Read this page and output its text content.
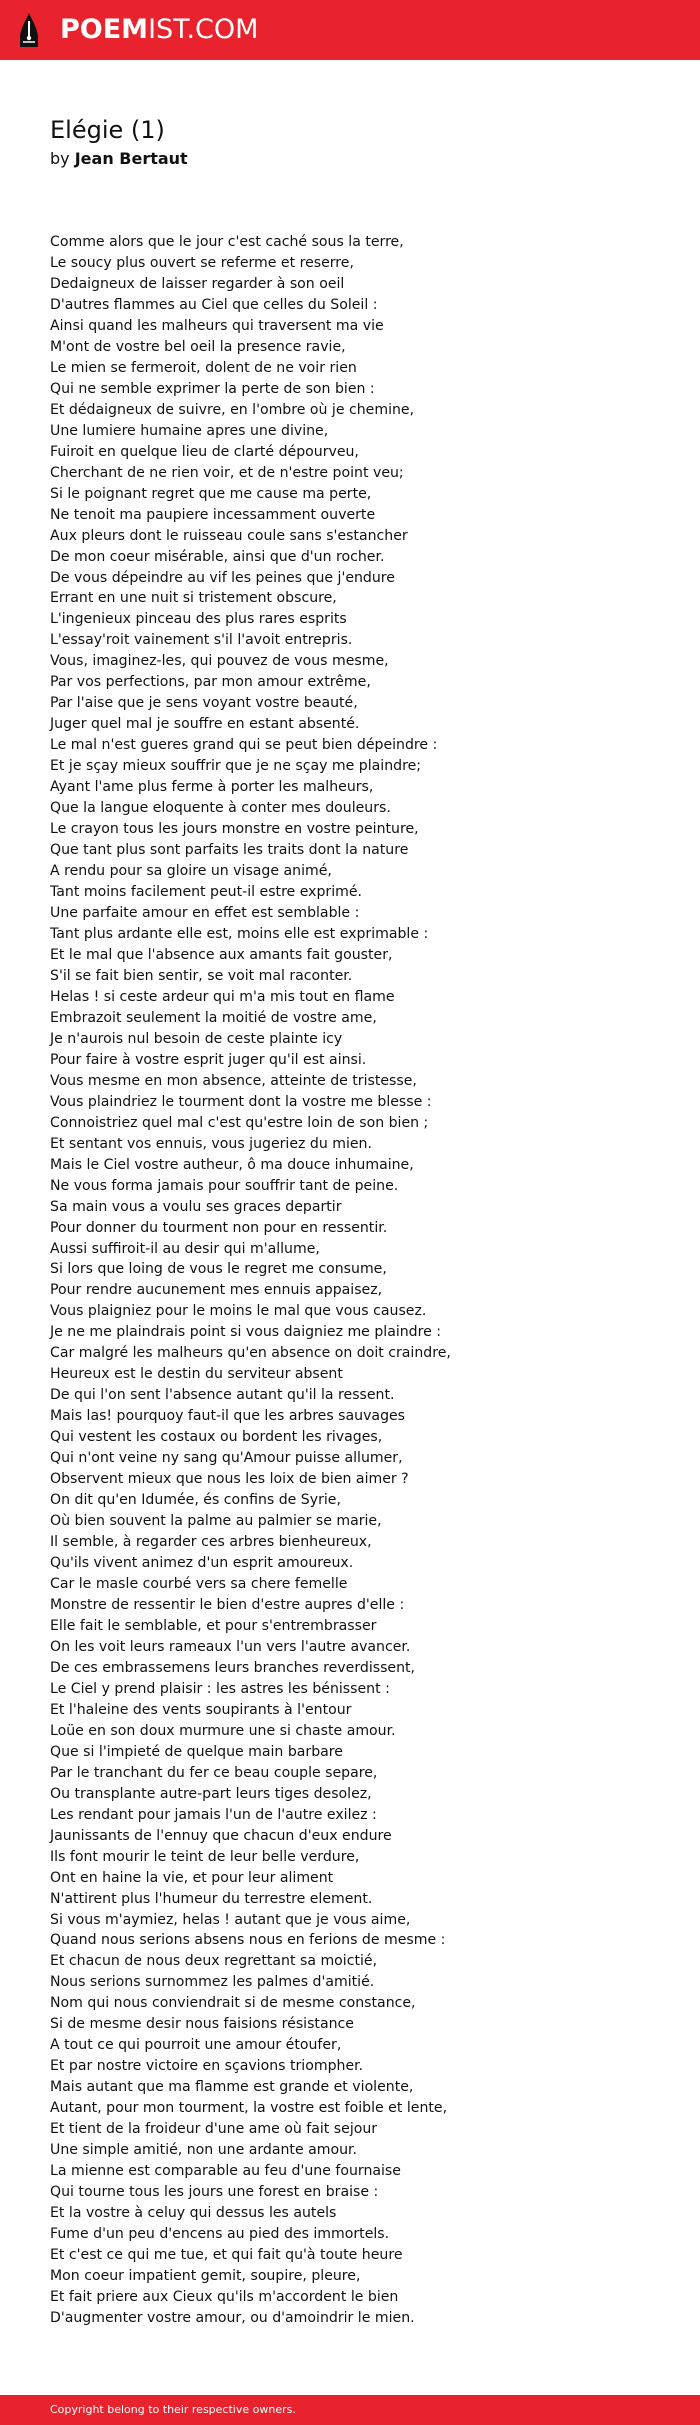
POEMIST.COM
Elégie (1)
by Jean Bertaut
Comme alors que le jour c'est caché sous la terre,
Le soucy plus ouvert se referme et reserre,
Dedaigneux de laisser regarder à son oeil
D'autres flammes au Ciel que celles du Soleil :
Ainsi quand les malheurs qui traversent ma vie
M'ont de vostre bel oeil la presence ravie,
Le mien se fermeroit, dolent de ne voir rien
Qui ne semble exprimer la perte de son bien :
Et dédaigneux de suivre, en l'ombre où je chemine,
Une lumiere humaine apres une divine,
Fuiroit en quelque lieu de clarté dépourveu,
Cherchant de ne rien voir, et de n'estre point veu;
Si le poignant regret que me cause ma perte,
Ne tenoit ma paupiere incessamment ouverte
Aux pleurs dont le ruisseau coule sans s'estancher
De mon coeur misérable, ainsi que d'un rocher.
De vous dépeindre au vif les peines que j'endure
Errant en une nuit si tristement obscure,
L'ingenieux pinceau des plus rares esprits
L'essay'roit vainement s'il l'avoit entrepris.
Vous, imaginez-les, qui pouvez de vous mesme,
Par vos perfections, par mon amour extrême,
Par l'aise que je sens voyant vostre beauté,
Juger quel mal je souffre en estant absenté.
Le mal n'est gueres grand qui se peut bien dépeindre :
Et je sçay mieux souffrir que je ne sçay me plaindre;
Ayant l'ame plus ferme à porter les malheurs,
Que la langue eloquente à conter mes douleurs.
Le crayon tous les jours monstre en vostre peinture,
Que tant plus sont parfaits les traits dont la nature
A rendu pour sa gloire un visage animé,
Tant moins facilement peut-il estre exprimé.
Une parfaite amour en effet est semblable :
Tant plus ardante elle est, moins elle est exprimable :
Et le mal que l'absence aux amants fait gouster,
S'il se fait bien sentir, se voit mal raconter.
Helas ! si ceste ardeur qui m'a mis tout en flame
Embrazoit seulement la moitié de vostre ame,
Je n'aurois nul besoin de ceste plainte icy
Pour faire à vostre esprit juger qu'il est ainsi.
Vous mesme en mon absence, atteinte de tristesse,
Vous plaindriez le tourment dont la vostre me blesse :
Connoistriez quel mal c'est qu'estre loin de son bien ;
Et sentant vos ennuis, vous jugeriez du mien.
Mais le Ciel vostre autheur, ô ma douce inhumaine,
Ne vous forma jamais pour souffrir tant de peine.
Sa main vous a voulu ses graces departir
Pour donner du tourment non pour en ressentir.
Aussi suffiroit-il au desir qui m'allume,
Si lors que loing de vous le regret me consume,
Pour rendre aucunement mes ennuis appaisez,
Vous plaigniez pour le moins le mal que vous causez.
Je ne me plaindrais point si vous daigniez me plaindre :
Car malgré les malheurs qu'en absence on doit craindre,
Heureux est le destin du serviteur absent
De qui l'on sent l'absence autant qu'il la ressent.
Mais las! pourquoy faut-il que les arbres sauvages
Qui vestent les costaux ou bordent les rivages,
Qui n'ont veine ny sang qu'Amour puisse allumer,
Observent mieux que nous les loix de bien aimer ?
On dit qu'en Idumée, és confins de Syrie,
Où bien souvent la palme au palmier se marie,
Il semble, à regarder ces arbres bienheureux,
Qu'ils vivent animez d'un esprit amoureux.
Car le masle courbé vers sa chere femelle
Monstre de ressentir le bien d'estre aupres d'elle :
Elle fait le semblable, et pour s'entrembrasser
On les voit leurs rameaux l'un vers l'autre avancer.
De ces embrassemens leurs branches reverdissent,
Le Ciel y prend plaisir : les astres les bénissent :
Et l'haleine des vents soupirants à l'entour
Loüe en son doux murmure une si chaste amour.
Que si l'impieté de quelque main barbare
Par le tranchant du fer ce beau couple separe,
Ou transplante autre-part leurs tiges desolez,
Les rendant pour jamais l'un de l'autre exilez :
Jaunissants de l'ennuy que chacun d'eux endure
Ils font mourir le teint de leur belle verdure,
Ont en haine la vie, et pour leur aliment
N'attirent plus l'humeur du terrestre element.
Si vous m'aymiez, helas ! autant que je vous aime,
Quand nous serions absens nous en ferions de mesme :
Et chacun de nous deux regrettant sa moictié,
Nous serions surnommez les palmes d'amitié.
Nom qui nous conviendrait si de mesme constance,
Si de mesme desir nous faisions résistance
A tout ce qui pourroit une amour étoufer,
Et par nostre victoire en sçavions triompher.
Mais autant que ma flamme est grande et violente,
Autant, pour mon tourment, la vostre est foible et lente,
Et tient de la froideur d'une ame où fait sejour
Une simple amitié, non une ardante amour.
La mienne est comparable au feu d'une fournaise
Qui tourne tous les jours une forest en braise :
Et la vostre à celuy qui dessus les autels
Fume d'un peu d'encens au pied des immortels.
Et c'est ce qui me tue, et qui fait qu'à toute heure
Mon coeur impatient gemit, soupire, pleure,
Et fait priere aux Cieux qu'ils m'accordent le bien
D'augmenter vostre amour, ou d'amoindrir le mien.
Copyright belong to their respective owners.
